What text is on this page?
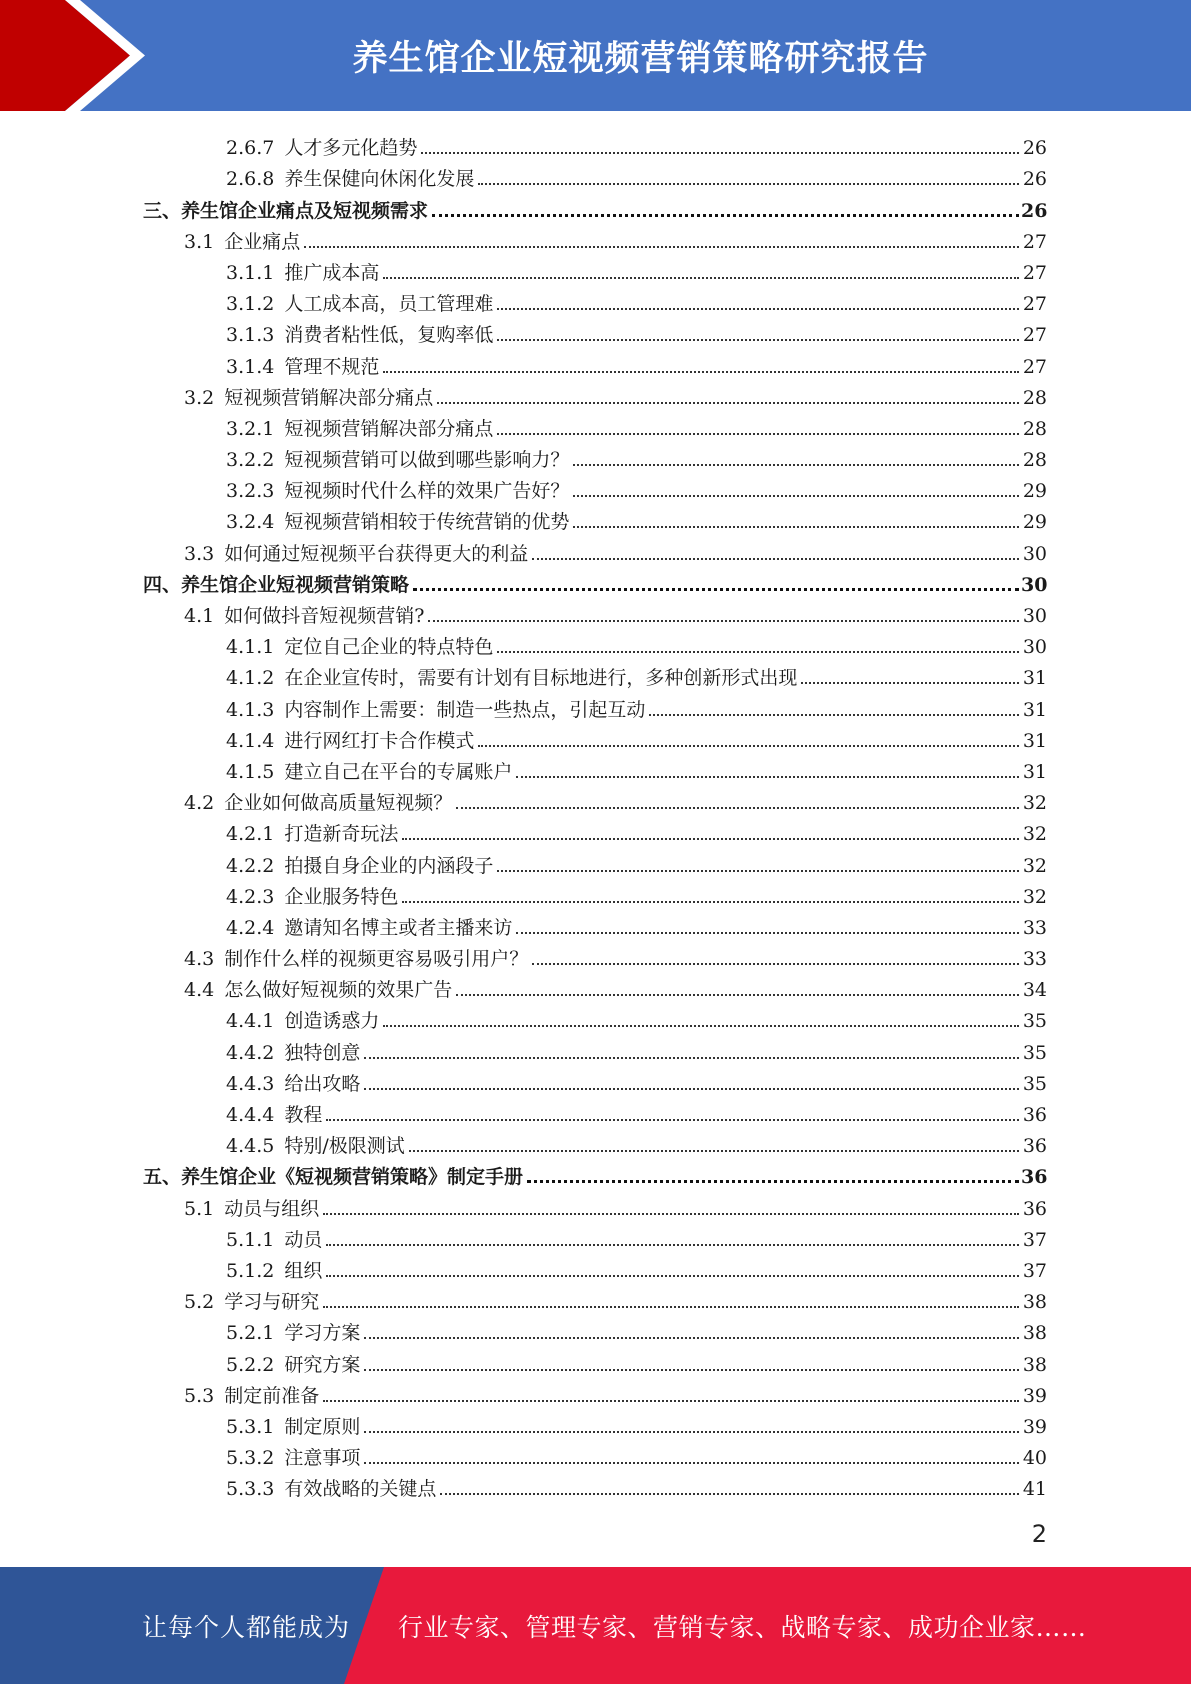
养生馆企业短视频营销策略研究报告
2.6.7 人才多元化趋势	26
2.6.8 养生保健向休闲化发展	26
三、 养生馆企业痛点及短视频需求	26
3.1 企业痛点	27
3.1.1 推广成本高	27
3.1.2 人工成本高，员工管理难	27
3.1.3 消费者粘性低，复购率低	27
3.1.4 管理不规范	27
3.2 短视频营销解决部分痛点	28
3.2.1 短视频营销解决部分痛点	28
3.2.2 短视频营销可以做到哪些影响力？	28
3.2.3 短视频时代什么样的效果广告好？	29
3.2.4 短视频营销相较于传统营销的优势	29
3.3 如何通过短视频平台获得更大的利益	30
四、 养生馆企业短视频营销策略	30
4.1 如何做抖音短视频营销?	30
4.1.1 定位自己企业的特点特色	30
4.1.2 在企业宣传时，需要有计划有目标地进行，多种创新形式出现	31
4.1.3 内容制作上需要：制造一些热点，引起互动	31
4.1.4 进行网红打卡合作模式	31
4.1.5 建立自己在平台的专属账户	31
4.2 企业如何做高质量短视频？	32
4.2.1 打造新奇玩法	32
4.2.2 拍摄自身企业的内涵段子	32
4.2.3 企业服务特色	32
4.2.4 邀请知名博主或者主播来访	33
4.3 制作什么样的视频更容易吸引用户？	33
4.4 怎么做好短视频的效果广告	34
4.4.1 创造诱惑力	35
4.4.2 独特创意	35
4.4.3 给出攻略	35
4.4.4 教程	36
4.4.5 特别/极限测试	36
五、 养生馆企业《短视频营销策略》制定手册	36
5.1 动员与组织	36
5.1.1 动员	37
5.1.2 组织	37
5.2 学习与研究	38
5.2.1 学习方案	38
5.2.2 研究方案	38
5.3 制定前准备	39
5.3.1 制定原则	39
5.3.2 注意事项	40
5.3.3 有效战略的关键点	41
2
让每个人都能成为 行业专家、管理专家、营销专家、战略专家、成功企业家……
